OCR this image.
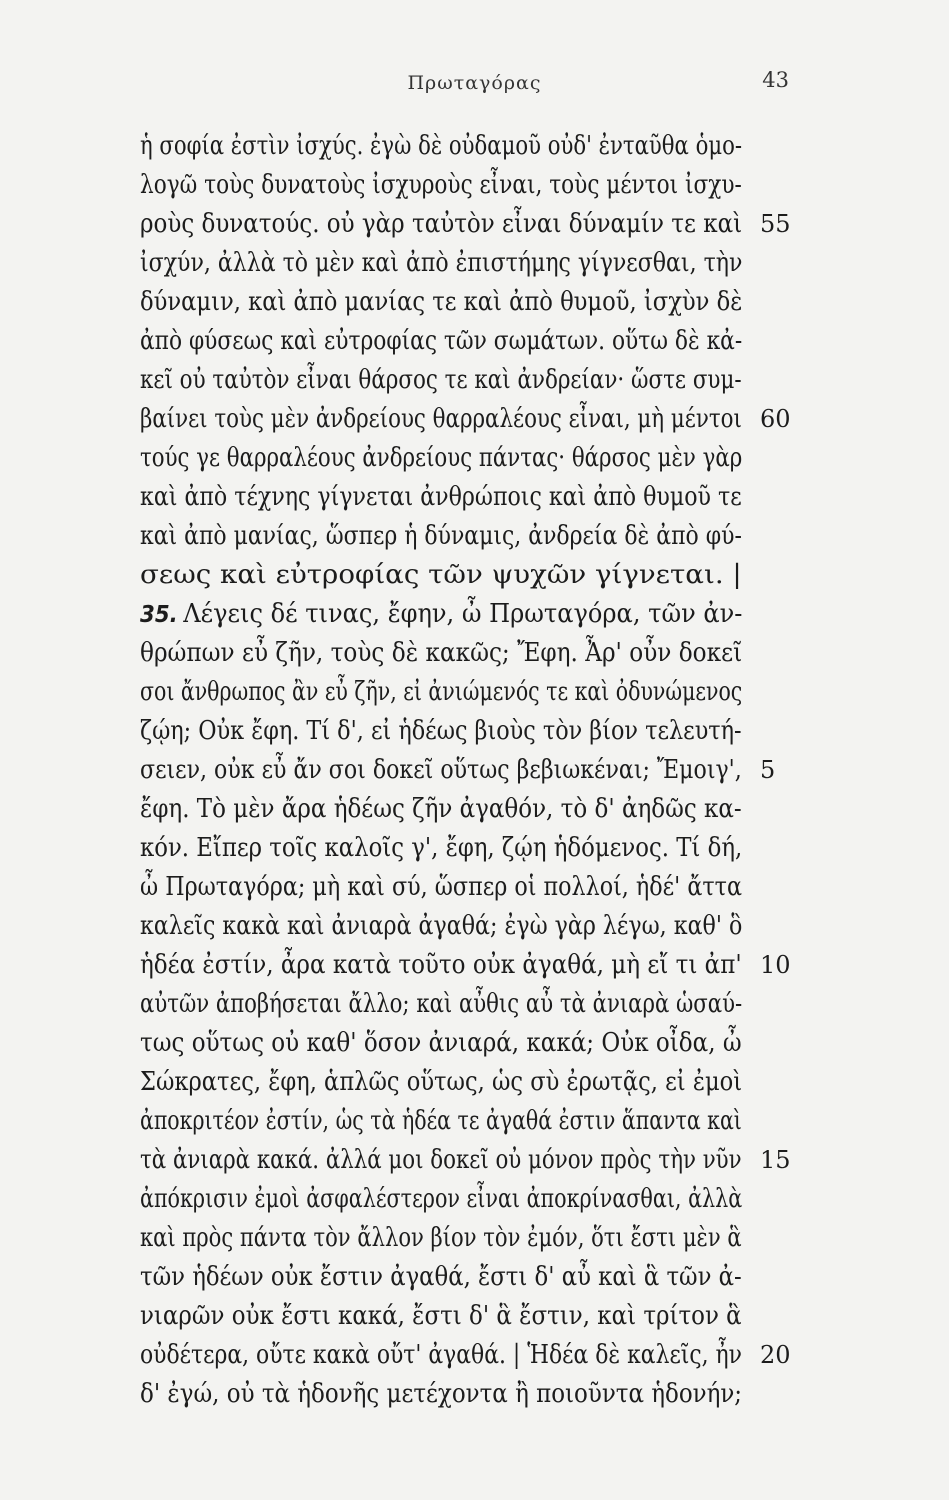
Πρωταγόρας	43
ἡ σοφία ἐστὶν ἰσχύς. ἐγὼ δὲ οὐδαμοῦ οὐδ' ἐνταῦθα ὁμο-
λογῶ τοὺς δυνατοὺς ἰσχυροὺς εἶναι, τοὺς μέντοι ἰσχυ-
ροὺς δυνατούς. οὐ γὰρ ταὐτὸν εἶναι δύναμίν τε καὶ 55
ἰσχύν, ἀλλὰ τὸ μὲν καὶ ἀπὸ ἐπιστήμης γίγνεσθαι, τὴν
δύναμιν, καὶ ἀπὸ μανίας τε καὶ ἀπὸ θυμοῦ, ἰσχὺν δὲ
ἀπὸ φύσεως καὶ εὐτροφίας τῶν σωμάτων. οὕτω δὲ κἀ-
κεῖ οὐ ταὐτὸν εἶναι θάρσος τε καὶ ἀνδρείαν· ὥστε συμ-
βαίνει τοὺς μὲν ἀνδρείους θαρραλέους εἶναι, μὴ μέντοι 60
τούς γε θαρραλέους ἀνδρείους πάντας· θάρσος μὲν γὰρ
καὶ ἀπὸ τέχνης γίγνεται ἀνθρώποις καὶ ἀπὸ θυμοῦ τε
καὶ ἀπὸ μανίας, ὥσπερ ἡ δύναμις, ἀνδρεία δὲ ἀπὸ φύ-
σεως καὶ εὐτροφίας τῶν ψυχῶν γίγνεται. |
35. Λέγεις δέ τινας, ἔφην, ὦ Πρωταγόρα, τῶν ἀν-
θρώπων εὖ ζῆν, τοὺς δὲ κακῶς; Ἔφη. Ἆρ' οὖν δοκεῖ
σοι ἄνθρωπος ἂν εὖ ζῆν, εἰ ἀνιώμενός τε καὶ ὀδυνώμενος
ζῴη; Οὐκ ἔφη. Τί δ', εἰ ἡδέως βιοὺς τὸν βίον τελευτή-
σειεν, οὐκ εὖ ἄν σοι δοκεῖ οὕτως βεβιωκέναι; Ἔμοιγ', 5
ἔφη. Τὸ μὲν ἄρα ἡδέως ζῆν ἀγαθόν, τὸ δ' ἀηδῶς κα-
κόν. Εἴπερ τοῖς καλοῖς γ', ἔφη, ζῴη ἡδόμενος. Τί δή,
ὦ Πρωταγόρα; μὴ καὶ σύ, ὥσπερ οἱ πολλοί, ἡδέ' ἄττα
καλεῖς κακὰ καὶ ἀνιαρὰ ἀγαθά; ἐγὼ γὰρ λέγω, καθ' ὃ
ἡδέα ἐστίν, ἆρα κατὰ τοῦτο οὐκ ἀγαθά, μὴ εἴ τι ἀπ' 10
αὐτῶν ἀποβήσεται ἄλλο; καὶ αὖθις αὖ τὰ ἀνιαρὰ ὡσαύ-
τως οὕτως οὐ καθ' ὅσον ἀνιαρά, κακά; Οὐκ οἶδα, ὦ
Σώκρατες, ἔφη, ἁπλῶς οὕτως, ὡς σὺ ἐρωτᾷς, εἰ ἐμοὶ
ἀποκριτέον ἐστίν, ὡς τὰ ἡδέα τε ἀγαθά ἐστιν ἅπαντα καὶ
τὰ ἀνιαρὰ κακά. ἀλλά μοι δοκεῖ οὐ μόνον πρὸς τὴν νῦν 15
ἀπόκρισιν ἐμοὶ ἀσφαλέστερον εἶναι ἀποκρίνασθαι, ἀλλὰ
καὶ πρὸς πάντα τὸν ἄλλον βίον τὸν ἐμόν, ὅτι ἔστι μὲν ἃ
τῶν ἡδέων οὐκ ἔστιν ἀγαθά, ἔστι δ' αὖ καὶ ἃ τῶν ἀ-
νιαρῶν οὐκ ἔστι κακά, ἔστι δ' ἃ ἔστιν, καὶ τρίτον ἃ
οὐδέτερα, οὔτε κακὰ οὔτ' ἀγαθά. | Ἡδέα δὲ καλεῖς, ἦν 20
δ' ἐγώ, οὐ τὰ ἡδονῆς μετέχοντα ἢ ποιοῦντα ἡδονήν;
